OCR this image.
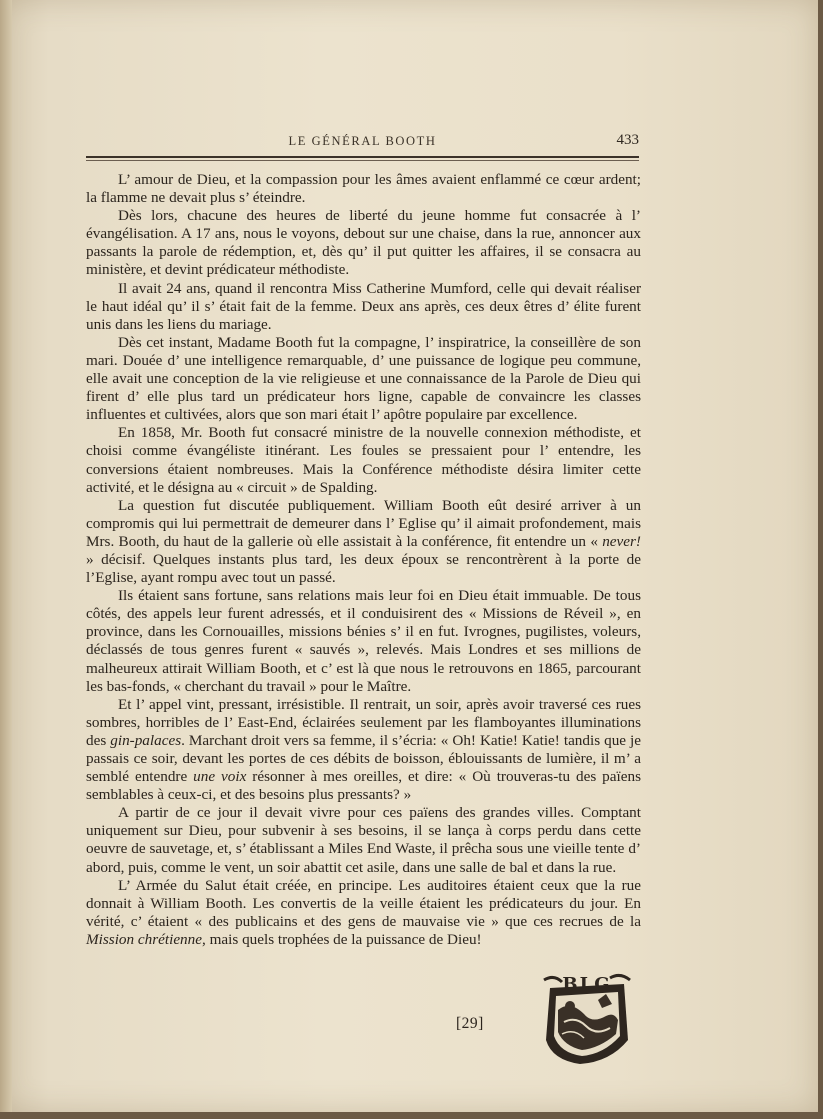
LE GÉNÉRAL BOOTH	433

L’ amour de Dieu, et la compassion pour les âmes avaient enflammé ce cœur ardent; la flamme ne devait plus s’ éteindre.

Dès lors, chacune des heures de liberté du jeune homme fut consacrée à l’ évangélisation. A 17 ans, nous le voyons, debout sur une chaise, dans la rue, annoncer aux passants la parole de rédemption, et, dès qu’ il put quitter les affaires, il se consacra au ministère, et devint prédicateur méthodiste.

Il avait 24 ans, quand il rencontra Miss Catherine Mumford, celle qui devait réaliser le haut idéal qu’ il s’ était fait de la femme. Deux ans après, ces deux êtres d’ élite furent unis dans les liens du mariage.

Dès cet instant, Madame Booth fut la compagne, l’ inspiratrice, la conseillère de son mari. Douée d’ une intelligence remarquable, d’ une puissance de logique peu commune, elle avait une conception de la vie religieuse et une connaissance de la Parole de Dieu qui firent d’ elle plus tard un prédicateur hors ligne, capable de convaincre les classes influentes et cultivées, alors que son mari était l’ apôtre populaire par excellence.

En 1858, Mr. Booth fut consacré ministre de la nouvelle connexion méthodiste, et choisi comme évangéliste itinérant. Les foules se pressaient pour l’ entendre, les conversions étaient nombreuses. Mais la Conférence méthodiste désira limiter cette activité, et le désigna au « circuit » de Spalding.

La question fut discutée publiquement. William Booth eût desiré arriver à un compromis qui lui permettrait de demeurer dans l’ Eglise qu’ il aimait profondement, mais Mrs. Booth, du haut de la gallerie où elle assistait à la conférence, fit entendre un « never! » décisif. Quelques instants plus tard, les deux époux se rencontrèrent à la porte de l’Eglise, ayant rompu avec tout un passé.

Ils étaient sans fortune, sans relations mais leur foi en Dieu était immuable. De tous côtés, des appels leur furent adressés, et il conduisirent des « Missions de Réveil », en province, dans les Cornouailles, missions bénies s’ il en fut. Ivrognes, pugilistes, voleurs, déclassés de tous genres furent « sauvés », relevés. Mais Londres et ses millions de malheureux attirait William Booth, et c’ est là que nous le retrouvons en 1865, parcourant les bas-fonds, « cherchant du travail » pour le Maître.

Et l’ appel vint, pressant, irrésistible. Il rentrait, un soir, après avoir traversé ces rues sombres, horribles de l’ East-End, éclairées seulement par les flamboyantes illuminations des gin-palaces. Marchant droit vers sa femme, il s’écria: « Oh! Katie! Katie! tandis que je passais ce soir, devant les portes de ces débits de boisson, éblouissants de lumière, il m’ a semblé entendre une voix résonner à mes oreilles, et dire: « Où trouveras-tu des païens semblables à ceux-ci, et des besoins plus pressants? »

A partir de ce jour il devait vivre pour ces païens des grandes villes. Comptant uniquement sur Dieu, pour subvenir à ses besoins, il se lança à corps perdu dans cette oeuvre de sauvetage, et, s’ établissant a Miles End Waste, il prêcha sous une vieille tente d’ abord, puis, comme le vent, un soir abattit cet asile, dans une salle de bal et dans la rue.

L’ Armée du Salut était créée, en principe. Les auditoires étaient ceux que la rue donnait à William Booth. Les convertis de la veille étaient les prédicateurs du jour. En vérité, c’ étaient « des publicains et des gens de mauvaise vie » que ces recrues de la Mission chrétienne, mais quels trophées de la puissance de Dieu!

[29]
BLG
